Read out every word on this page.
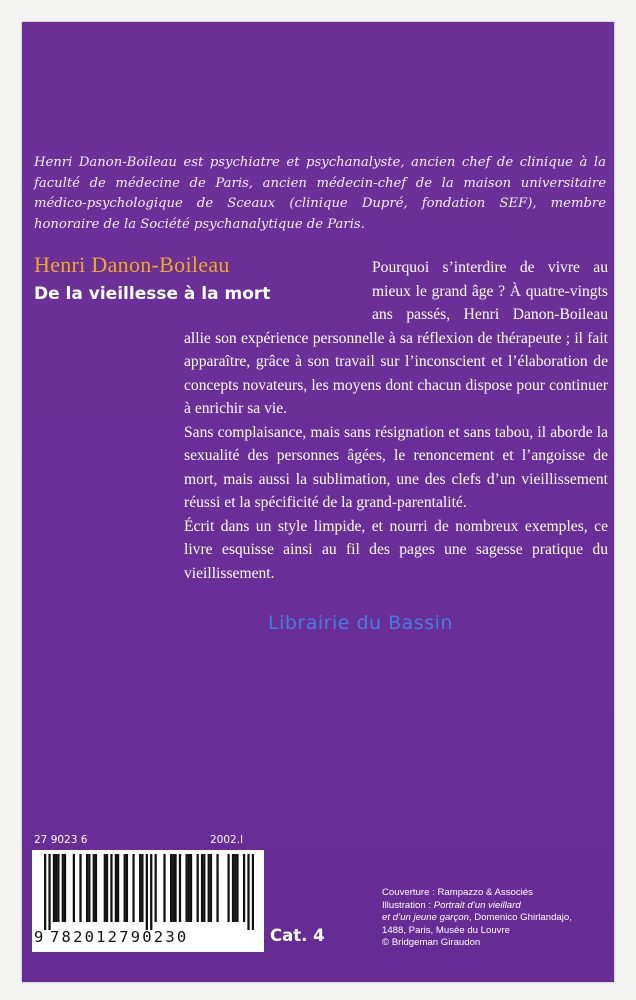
Henri Danon-Boileau est psychiatre et psychanalyste, ancien chef de clinique à la faculté de médecine de Paris, ancien médecin-chef de la maison universitaire médico-psychologique de Sceaux (clinique Dupré, fondation SEF), membre honoraire de la Société psychanalytique de Paris.

Henri Danon-Boileau
De la vieillesse à la mort

Pourquoi s’interdire de vivre au mieux le grand âge ? À quatre-vingts ans passés, Henri Danon-Boileau allie son expérience personnelle à sa réflexion de thérapeute ; il fait apparaître, grâce à son travail sur l’inconscient et l’élaboration de concepts novateurs, les moyens dont chacun dispose pour continuer à enrichir sa vie.

Sans complaisance, mais sans résignation et sans tabou, il aborde la sexualité des personnes âgées, le renoncement et l’angoisse de mort, mais aussi la sublimation, une des clefs d’un vieillissement réussi et la spécificité de la grand-parentalité.

Écrit dans un style limpide, et nourri de nombreux exemples, ce livre esquisse ainsi au fil des pages une sagesse pratique du vieillissement.

Librairie du Bassin
27 9023 6	2002.I
9 782012790230	Cat. 4
Couverture : Rampazzo & Associés
Illustration : Portrait d’un vieillard
et d’un jeune garçon, Domenico Ghirlandajo,
1488, Paris, Musée du Louvre
© Bridgeman Giraudon
